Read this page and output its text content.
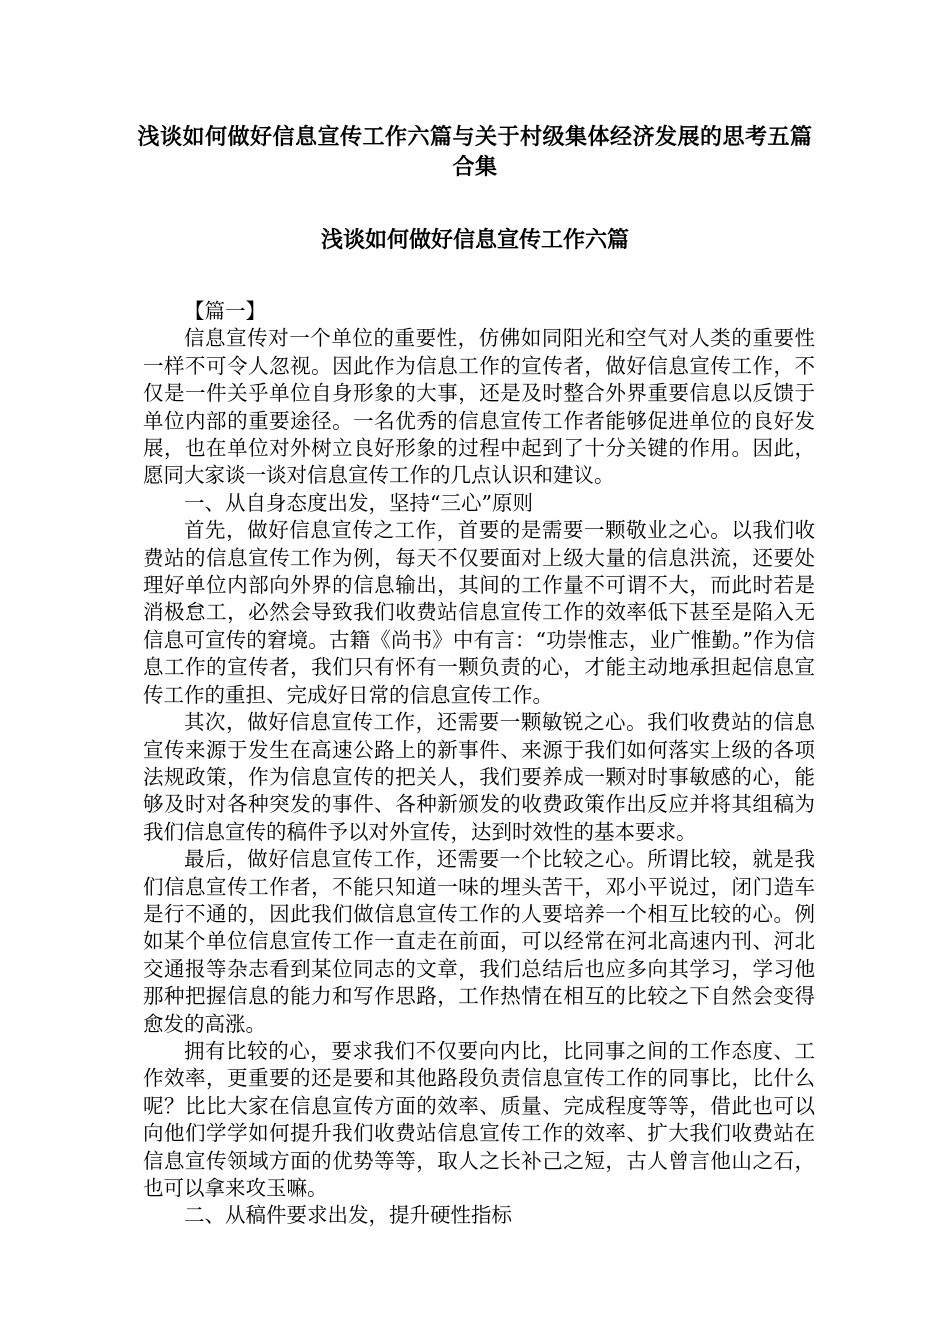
浅谈如何做好信息宣传工作六篇与关于村级集体经济发展的思考五篇合集
浅谈如何做好信息宣传工作六篇

【篇一】

信息宣传对一个单位的重要性，仿佛如同阳光和空气对人类的重要性一样不可令人忽视。因此作为信息工作的宣传者，做好信息宣传工作，不仅是一件关乎单位自身形象的大事，还是及时整合外界重要信息以反馈于单位内部的重要途径。一名优秀的信息宣传工作者能够促进单位的良好发展，也在单位对外树立良好形象的过程中起到了十分关键的作用。因此，愿同大家谈一谈对信息宣传工作的几点认识和建议。

一、从自身态度出发，坚持“三心”原则

首先，做好信息宣传之工作，首要的是需要一颗敬业之心。以我们收费站的信息宣传工作为例，每天不仅要面对上级大量的信息洪流，还要处理好单位内部向外界的信息输出，其间的工作量不可谓不大，而此时若是消极怠工，必然会导致我们收费站信息宣传工作的效率低下甚至是陷入无信息可宣传的窘境。古籍《尚书》中有言：“功崇惟志，业广惟勤。”作为信息工作的宣传者，我们只有怀有一颗负责的心，才能主动地承担起信息宣传工作的重担、完成好日常的信息宣传工作。

其次，做好信息宣传工作，还需要一颗敏锐之心。我们收费站的信息宣传来源于发生在高速公路上的新事件、来源于我们如何落实上级的各项法规政策，作为信息宣传的把关人，我们要养成一颗对时事敏感的心，能够及时对各种突发的事件、各种新颁发的收费政策作出反应并将其组稿为我们信息宣传的稿件予以对外宣传，达到时效性的基本要求。

最后，做好信息宣传工作，还需要一个比较之心。所谓比较，就是我们信息宣传工作者，不能只知道一味的埋头苦干，邓小平说过，闭门造车是行不通的，因此我们做信息宣传工作的人要培养一个相互比较的心。例如某个单位信息宣传工作一直走在前面，可以经常在河北高速内刊、河北交通报等杂志看到某位同志的文章，我们总结后也应多向其学习，学习他那种把握信息的能力和写作思路，工作热情在相互的比较之下自然会变得愈发的高涨。

拥有比较的心，要求我们不仅要向内比，比同事之间的工作态度、工作效率，更重要的还是要和其他路段负责信息宣传工作的同事比，比什么呢？比比大家在信息宣传方面的效率、质量、完成程度等等，借此也可以向他们学学如何提升我们收费站信息宣传工作的效率、扩大我们收费站在信息宣传领域方面的优势等等，取人之长补己之短，古人曾言他山之石，也可以拿来攻玉嘛。

二、从稿件要求出发，提升硬性指标
